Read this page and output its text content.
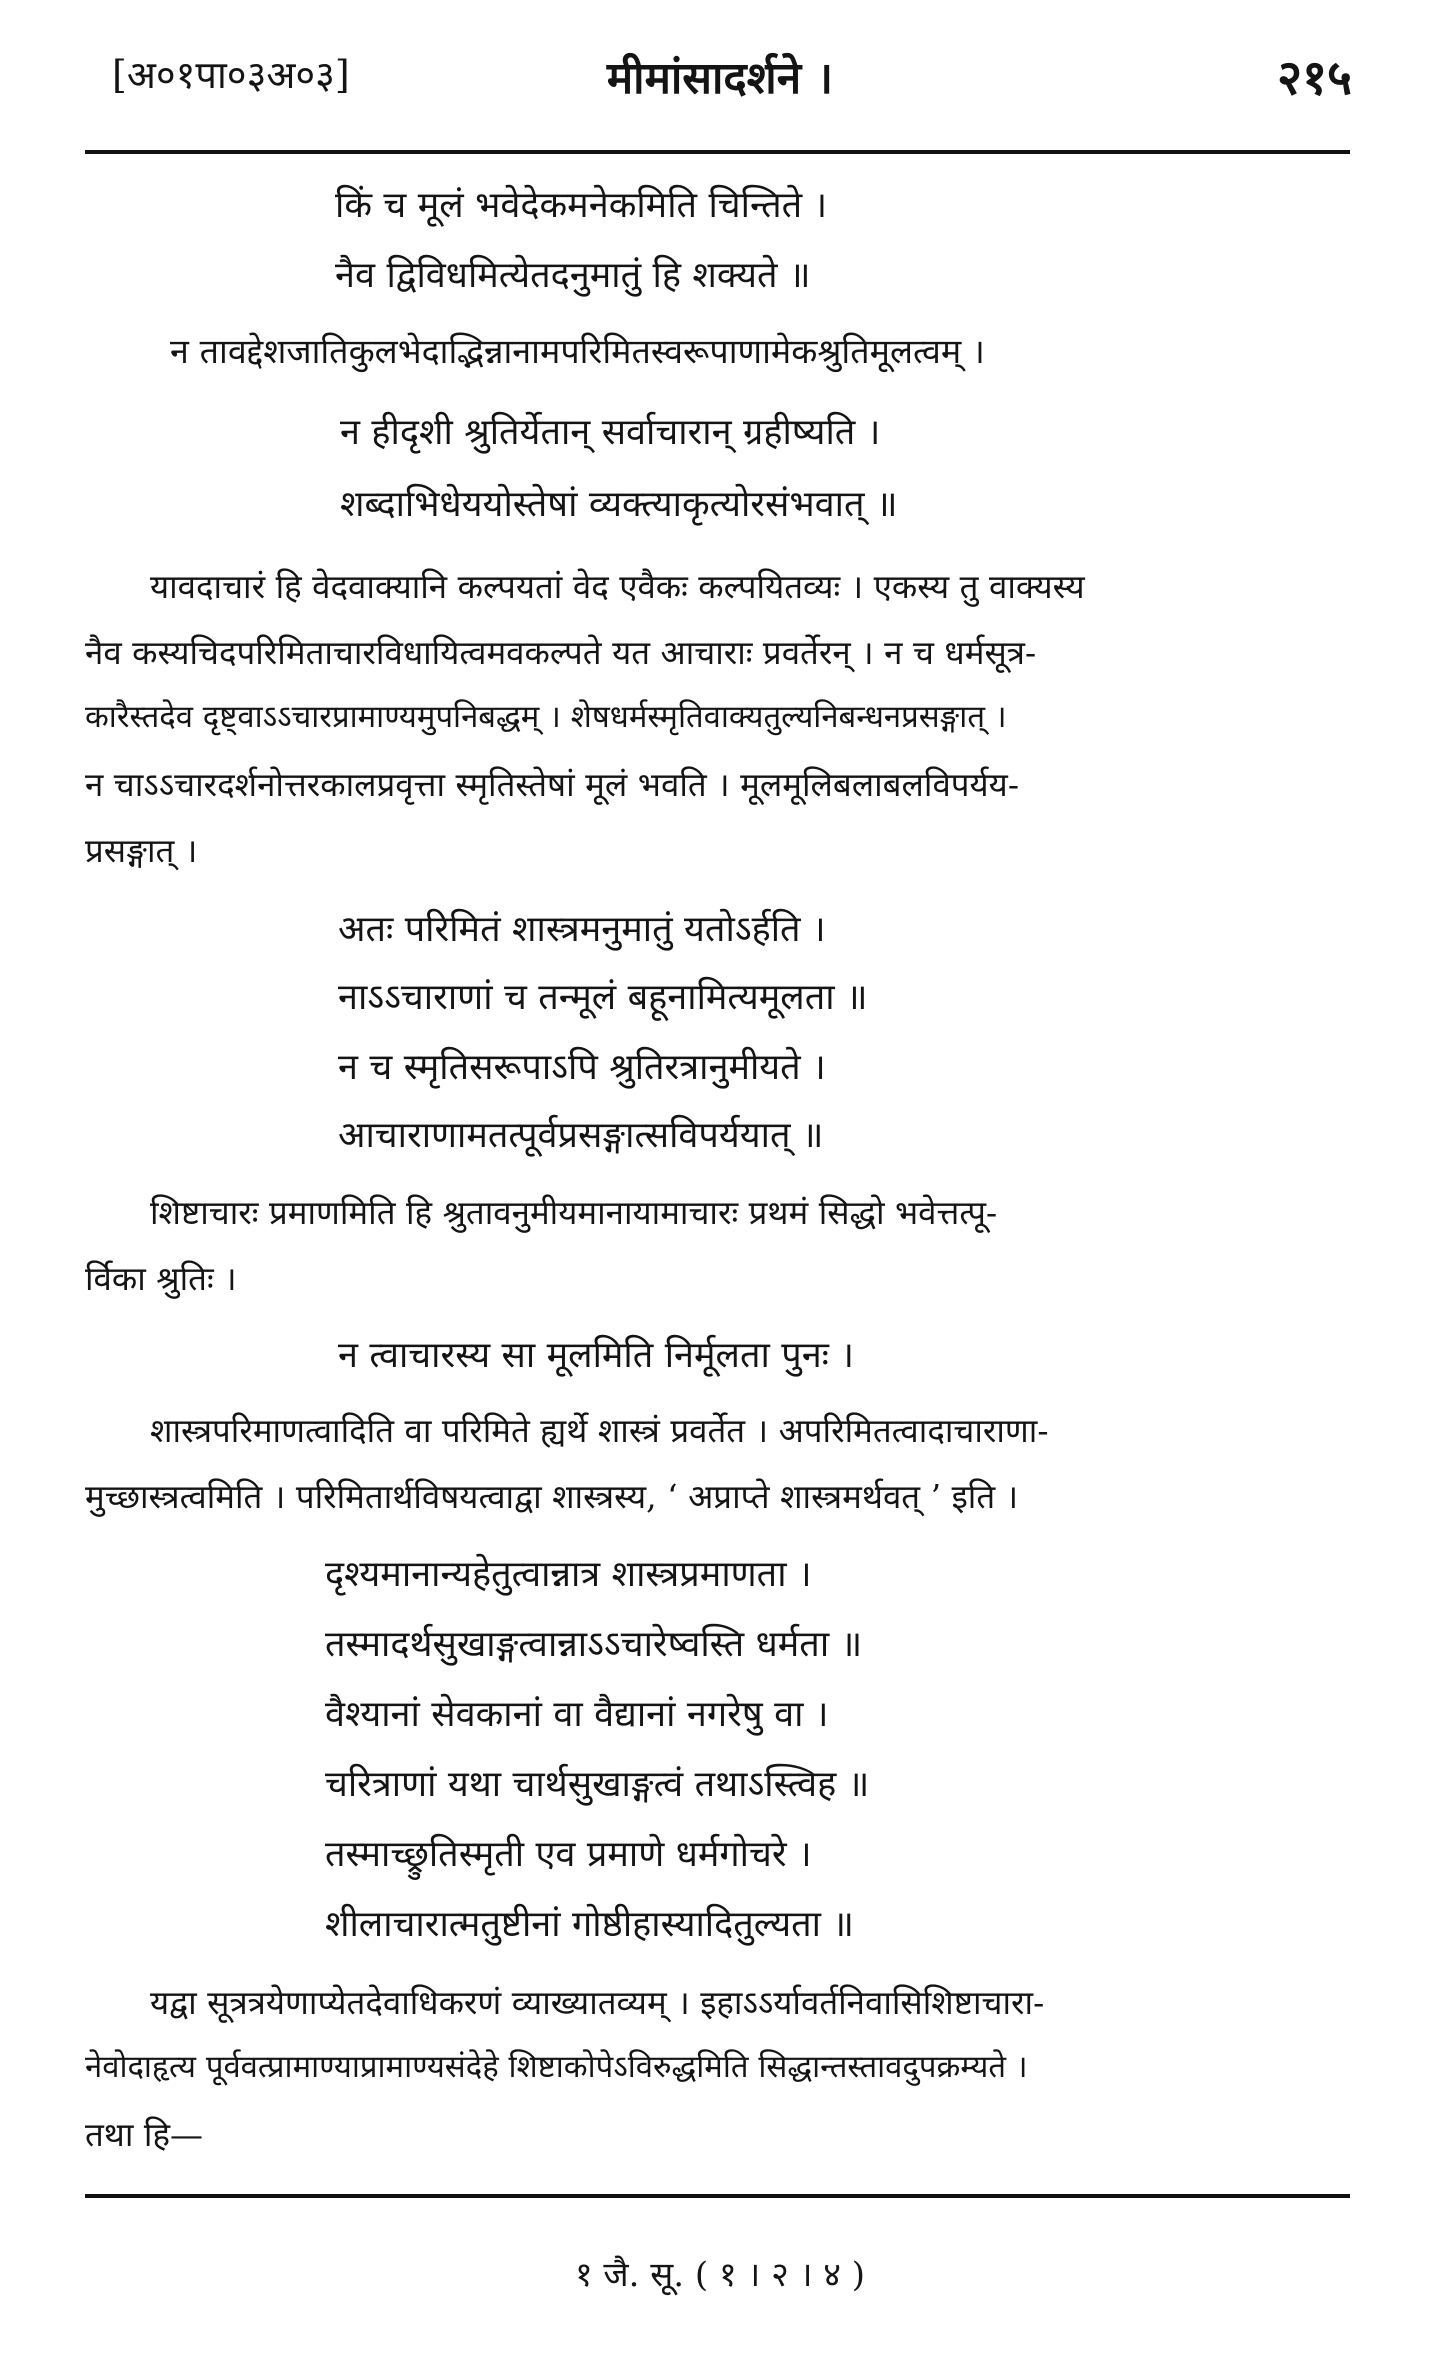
[अ०१पा०३अ०३]	मीमांसादर्शने ।	२१५
किं च मूलं भवेदेकमनेकमिति चिन्तिते ।
नैव द्विविधमित्येतदनुमातुं हि शक्यते ॥
न तावद्देशजातिकुलभेदाद्भिन्नानामपरिमितस्वरूपाणामेकश्रुतिमूलत्वम् ।
न हीदृशी श्रुतिर्येतान् सर्वाचारान् ग्रहीष्यति ।
शब्दाभिधेययोस्तेषां व्यक्त्याकृत्योरसंभवात् ॥
यावदाचारं हि वेदवाक्यानि कल्पयतां वेद एवैकः कल्पयितव्यः । एकस्य तु वाक्यस्य
नैव कस्यचिदपरिमिताचारविधायित्वमवकल्पते यत आचाराः प्रवर्तेरन् । न च धर्मसूत्र-
कारैस्तदेव दृष्ट्वाऽऽचारप्रामाण्यमुपनिबद्धम् । शेषधर्मस्मृतिवाक्यतुल्यनिबन्धनप्रसङ्गात् ।
न चाऽऽचारदर्शनोत्तरकालप्रवृत्ता स्मृतिस्तेषां मूलं भवति । मूलमूलिबलाबलविपर्यय-
प्रसङ्गात् ।
अतः परिमितं शास्त्रमनुमातुं यतोऽर्हति ।
नाऽऽचाराणां च तन्मूलं बहूनामित्यमूलता ॥
न च स्मृतिसरूपाऽपि श्रुतिरत्रानुमीयते ।
आचाराणामतत्पूर्वप्रसङ्गात्सविपर्ययात् ॥
शिष्टाचारः प्रमाणमिति हि श्रुतावनुमीयमानायामाचारः प्रथमं सिद्धो भवेत्तत्पू-
र्विका श्रुतिः ।
न त्वाचारस्य सा मूलमिति निर्मूलता पुनः ।
शास्त्रपरिमाणत्वादिति वा परिमिते ह्यर्थे शास्त्रं प्रवर्तेत । अपरिमितत्वादाचाराणा-
मुच्छास्त्रत्वमिति । परिमितार्थविषयत्वाद्वा शास्त्रस्य, ‘ अप्राप्ते शास्त्रमर्थवत् ’ इति ।
दृश्यमानान्यहेतुत्वान्नात्र शास्त्रप्रमाणता ।
तस्मादर्थसुखाङ्गत्वान्नाऽऽचारेष्वस्ति धर्मता ॥
वैश्यानां सेवकानां वा वैद्यानां नगरेषु वा ।
चरित्राणां यथा चार्थसुखाङ्गत्वं तथाऽस्त्विह ॥
तस्माच्छ्रुतिस्मृती एव प्रमाणे धर्मगोचरे ।
शीलाचारात्मतुष्टीनां गोष्ठीहास्यादितुल्यता ॥
यद्वा सूत्रत्रयेणाप्येतदेवाधिकरणं व्याख्यातव्यम् । इहाऽऽर्यावर्तनिवासिशिष्टाचारा-
नेवोदाहृत्य पूर्ववत्प्रामाण्याप्रामाण्यसंदेहे शिष्टाकोपेऽविरुद्धमिति सिद्धान्तस्तावदुपक्रम्यते ।
तथा हि—
१ जै. सू. ( १ । २ । ४ )
